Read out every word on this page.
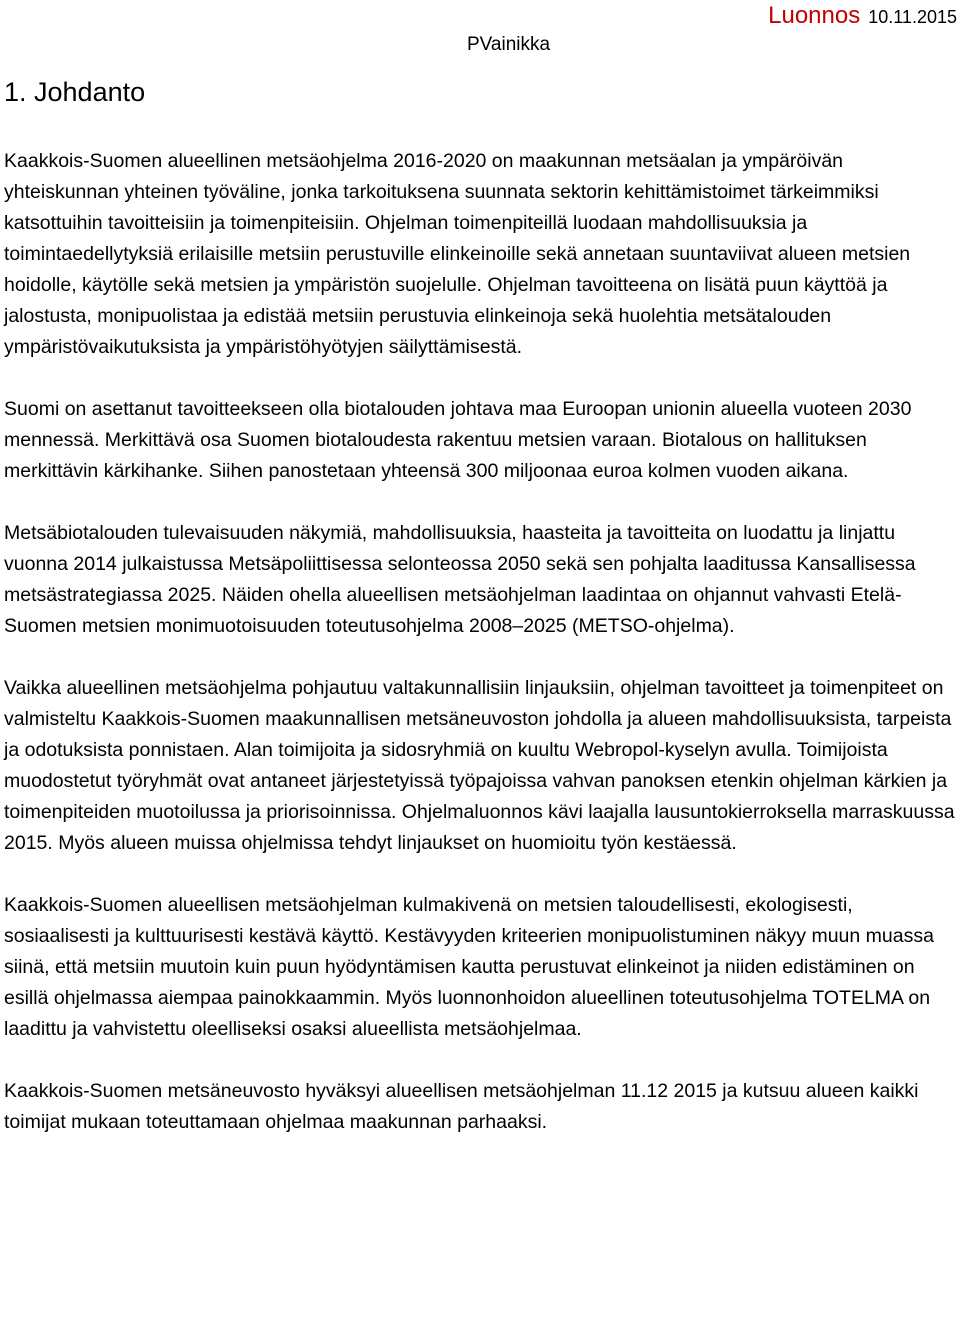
PVainikka
Luonnos 10.11.2015
1. Johdanto

Kaakkois-Suomen alueellinen metsäohjelma 2016-2020 on maakunnan metsäalan ja ympäröivän yhteiskunnan yhteinen työväline, jonka tarkoituksena suunnata sektorin kehittämistoimet tärkeimmiksi katsottuihin tavoitteisiin ja toimenpiteisiin. Ohjelman toimenpiteillä luodaan mahdollisuuksia ja toimintaedellytyksiä erilaisille metsiin perustuville elinkeinoille sekä annetaan suuntaviivat alueen metsien hoidolle, käytölle sekä metsien ja ympäristön suojelulle. Ohjelman tavoitteena on lisätä puun käyttöä ja jalostusta, monipuolistaa ja edistää metsiin perustuvia elinkeinoja sekä huolehtia metsätalouden ympäristövaikutuksista ja ympäristöhyötyjen säilyttämisestä.

Suomi on asettanut tavoitteekseen olla biotalouden johtava maa Euroopan unionin alueella vuoteen 2030 mennessä. Merkittävä osa Suomen biotaloudesta rakentuu metsien varaan. Biotalous on hallituksen merkittävin kärkihanke. Siihen panostetaan yhteensä 300 miljoonaa euroa kolmen vuoden aikana.

Metsäbiotalouden tulevaisuuden näkymiä, mahdollisuuksia, haasteita ja tavoitteita on luodattu ja linjattu vuonna 2014 julkaistussa Metsäpoliittisessa selonteossa 2050 sekä sen pohjalta laaditussa Kansallisessa metsästrategiassa 2025. Näiden ohella alueellisen metsäohjelman laadintaa on ohjannut vahvasti Etelä-Suomen metsien monimuotoisuuden toteutusohjelma 2008–2025 (METSO-ohjelma).

Vaikka alueellinen metsäohjelma pohjautuu valtakunnallisiin linjauksiin, ohjelman tavoitteet ja toimenpiteet on valmisteltu Kaakkois-Suomen maakunnallisen metsäneuvoston johdolla ja alueen mahdollisuuksista, tarpeista ja odotuksista ponnistaen. Alan toimijoita ja sidosryhmiä on kuultu Webropol-kyselyn avulla. Toimijoista muodostetut työryhmät ovat antaneet järjestetyissä työpajoissa vahvan panoksen etenkin ohjelman kärkien ja toimenpiteiden muotoilussa ja priorisoinnissa. Ohjelmaluonnos kävi laajalla lausuntokierroksella marraskuussa 2015. Myös alueen muissa ohjelmissa tehdyt linjaukset on huomioitu työn kestäessä.

Kaakkois-Suomen alueellisen metsäohjelman kulmakivenä on metsien taloudellisesti, ekologisesti, sosiaalisesti ja kulttuurisesti kestävä käyttö. Kestävyyden kriteerien monipuolistuminen näkyy muun muassa siinä, että metsiin muutoin kuin puun hyödyntämisen kautta perustuvat elinkeinot ja niiden edistäminen on esillä ohjelmassa aiempaa painokkaammin. Myös luonnonhoidon alueellinen toteutusohjelma TOTELMA on laadittu ja vahvistettu oleelliseksi osaksi alueellista metsäohjelmaa.

Kaakkois-Suomen metsäneuvosto hyväksyi alueellisen metsäohjelman 11.12 2015 ja kutsuu alueen kaikki toimijat mukaan toteuttamaan ohjelmaa maakunnan parhaaksi.
